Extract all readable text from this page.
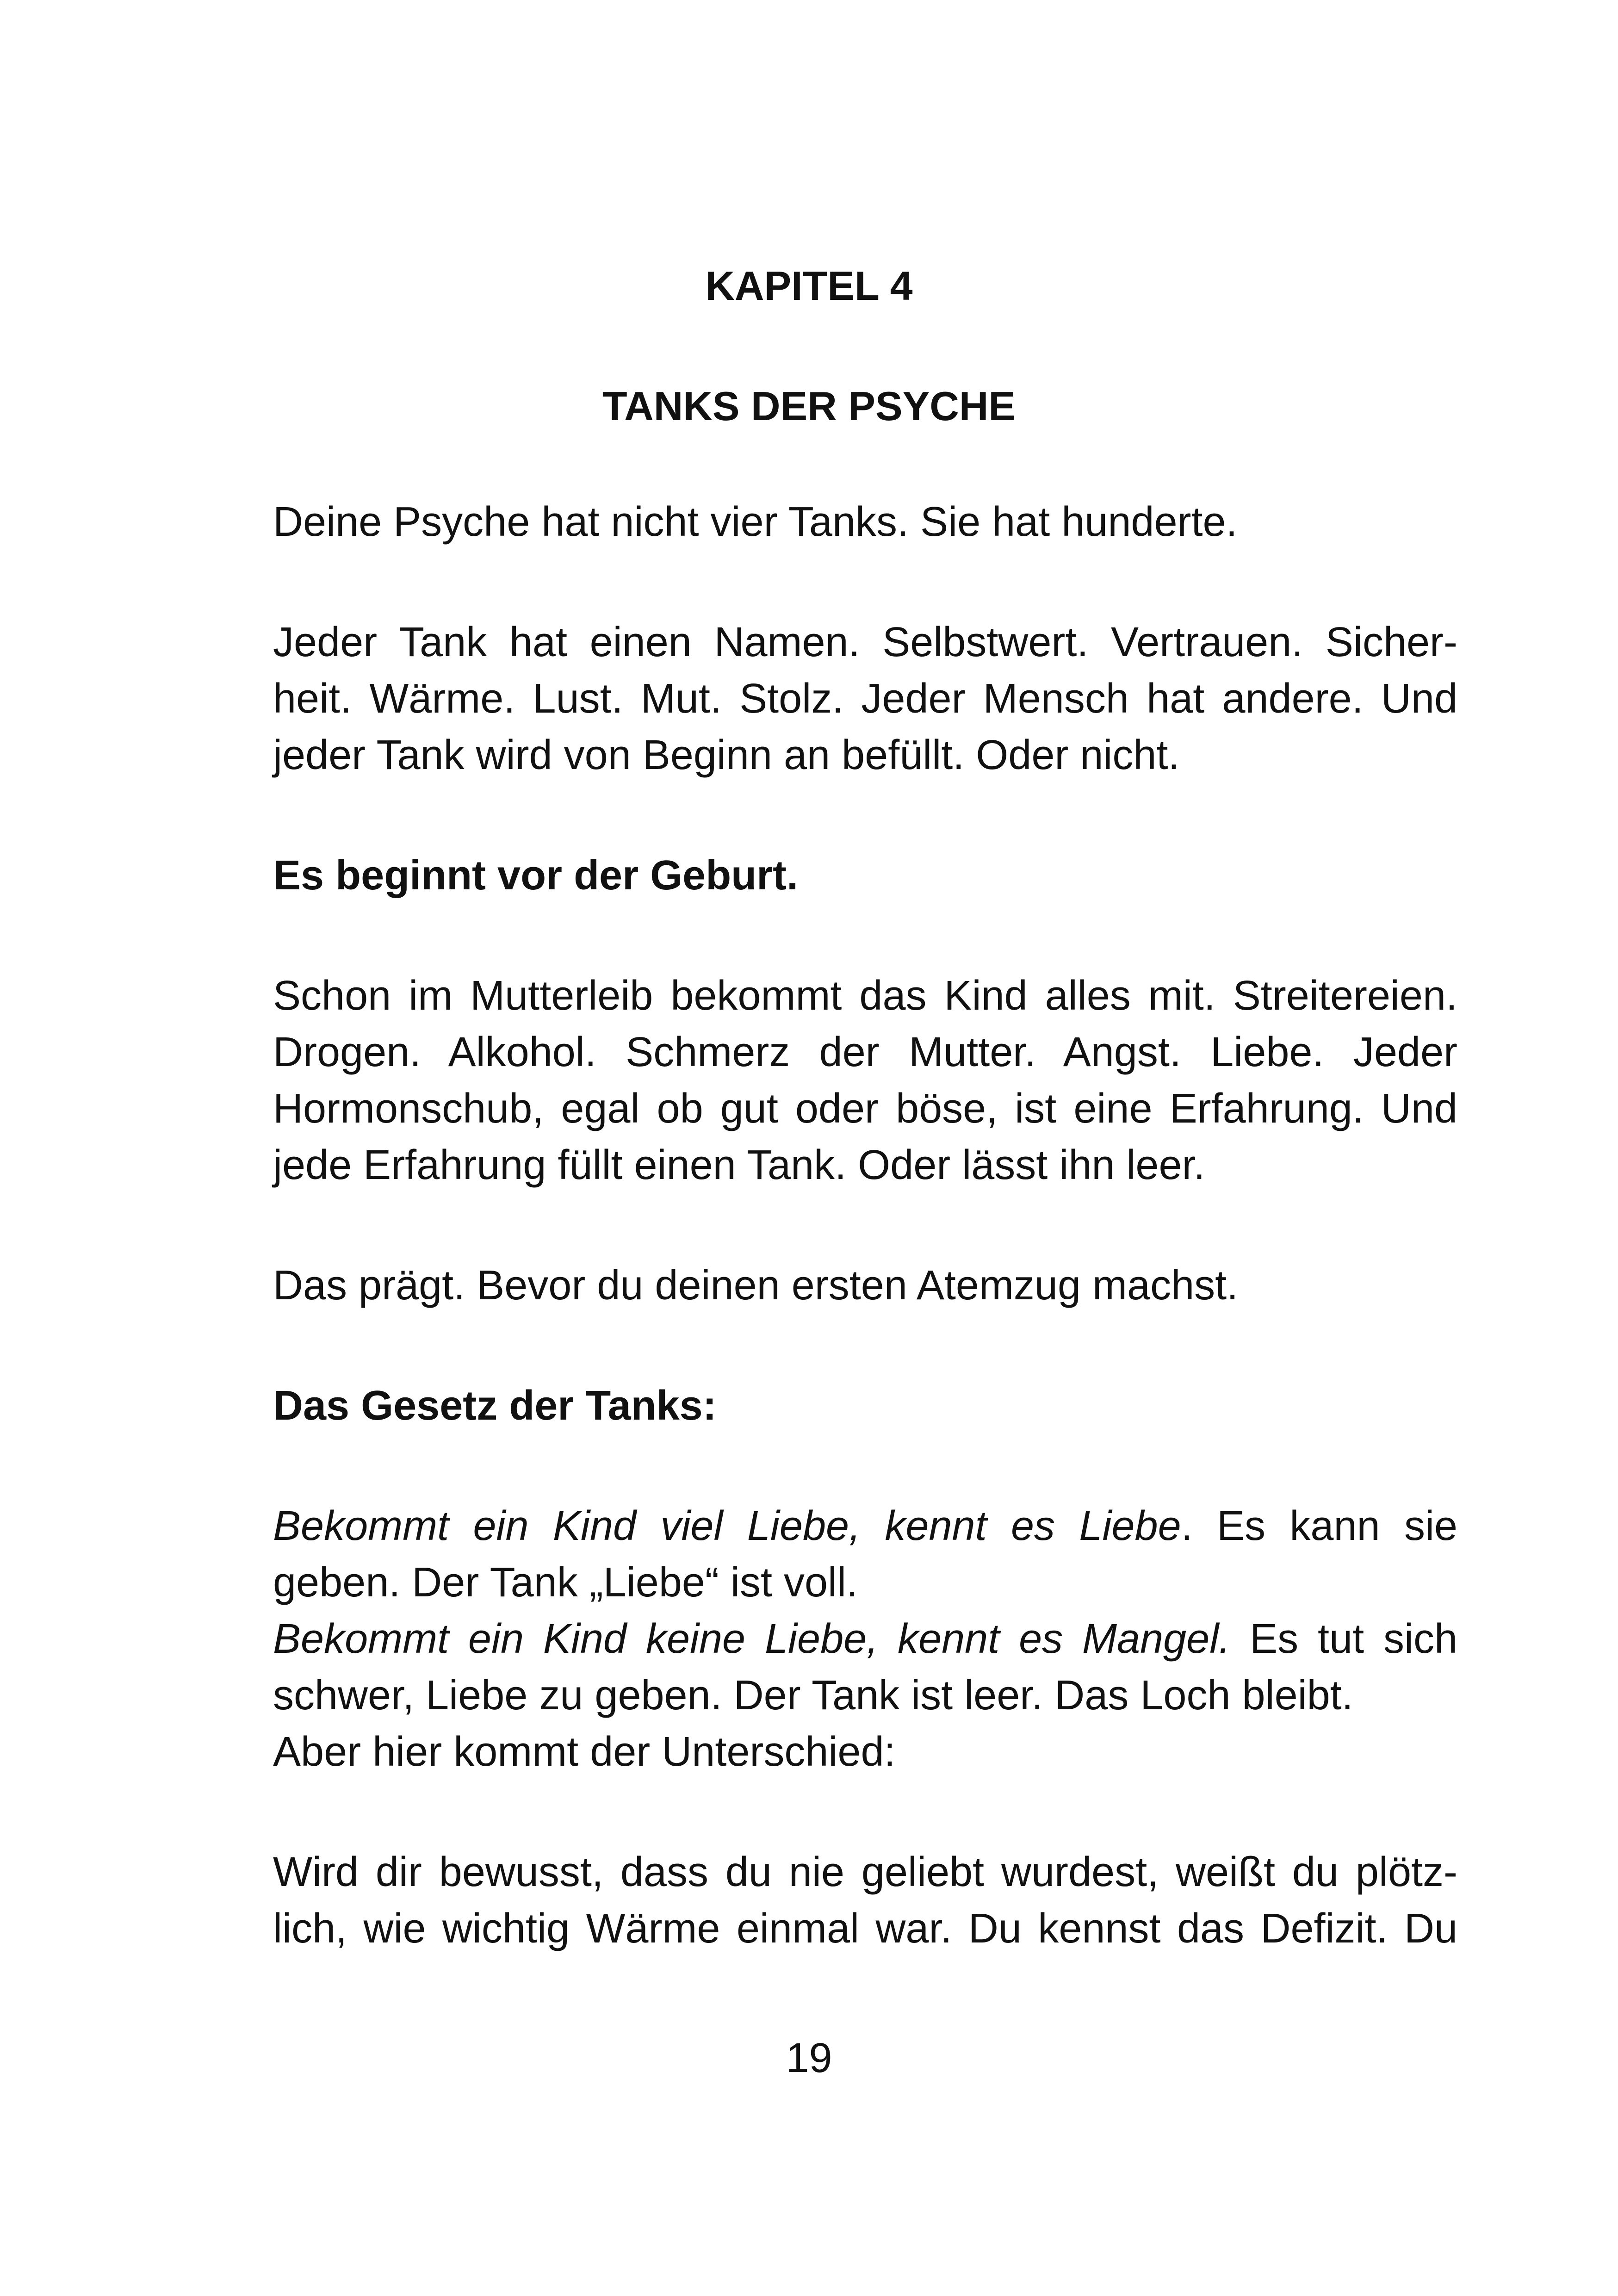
KAPITEL 4
TANKS DER PSYCHE

Deine Psyche hat nicht vier Tanks. Sie hat hunderte.

Jeder Tank hat einen Namen. Selbstwert. Vertrauen. Sicher-

heit. Wärme. Lust. Mut. Stolz. Jeder Mensch hat andere. Und

jeder Tank wird von Beginn an befüllt. Oder nicht.

Es beginnt vor der Geburt.

Schon im Mutterleib bekommt das Kind alles mit. Streitereien.

Drogen. Alkohol. Schmerz der Mutter. Angst. Liebe. Jeder

Hormonschub, egal ob gut oder böse, ist eine Erfahrung. Und

jede Erfahrung füllt einen Tank. Oder lässt ihn leer.

Das prägt. Bevor du deinen ersten Atemzug machst.

Das Gesetz der Tanks:

Bekommt ein Kind viel Liebe, kennt es Liebe. Es kann sie

geben. Der Tank „Liebe“ ist voll.

Bekommt ein Kind keine Liebe, kennt es Mangel. Es tut sich

schwer, Liebe zu geben. Der Tank ist leer. Das Loch bleibt.

Aber hier kommt der Unterschied:

Wird dir bewusst, dass du nie geliebt wurdest, weißt du plötz-

lich, wie wichtig Wärme einmal war. Du kennst das Defizit. Du

19
